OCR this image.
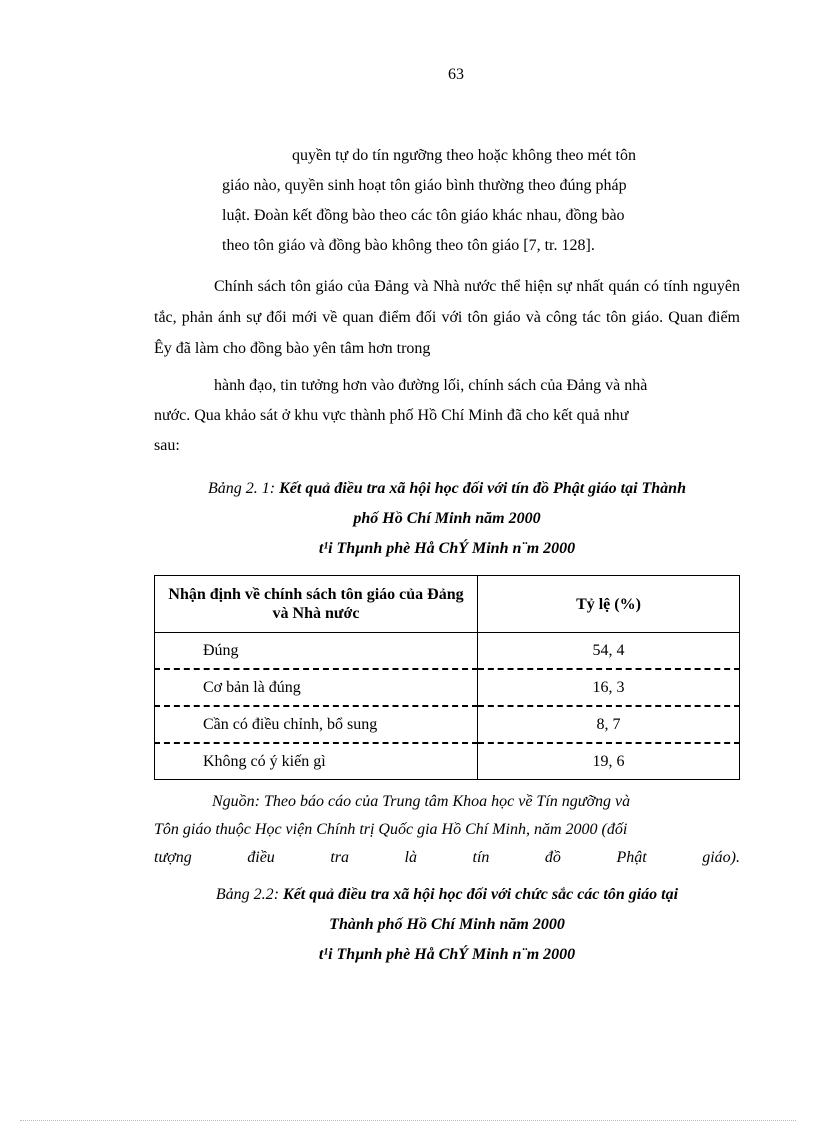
63
quyền tự do tín ngưỡng theo hoặc không theo mét tôn
giáo nào, quyền sinh hoạt tôn giáo bình thường theo đúng pháp
luật. Đoàn kết đồng bào theo các tôn giáo khác nhau, đồng bào
theo tôn giáo và đồng bào không theo tôn giáo [7, tr. 128].

Chính sách tôn giáo của Đảng và Nhà nước thể hiện sự nhất quán có tính nguyên tắc, phản ánh sự đổi mới về quan điểm đối với tôn giáo và công tác tôn giáo. Quan điểm Êy đã làm cho đồng bào yên tâm hơn trong

hành đạo, tin tưởng hơn vào đường lối, chính sách của Đảng và nhà
nước. Qua khảo sát ở khu vực thành phố Hồ Chí Minh đã cho kết quả như
sau:
Bảng 2. 1: Kết quả điều tra xã hội học đối với tín đồ Phật giáo tại Thành
phố Hồ Chí Minh năm 2000
t¹i Thµnh phè Hå ChÝ Minh n¨m 2000
Nhận định về chính sách tôn giáo của Đảng và Nhà nước	Tỷ lệ (%)
Đúng	54, 4
Cơ bản là đúng	16, 3
Cần có điều chỉnh, bổ sung	8, 7
Không có ý kiến gì	19, 6
Nguồn: Theo báo cáo của Trung tâm Khoa học về Tín ngưỡng và
Tôn giáo thuộc Học viện Chính trị Quốc gia Hồ Chí Minh, năm 2000 (đối
tượng điều tra là tín đồ Phật giáo).
Bảng 2.2: Kết quả điều tra xã hội học đối với chức sắc các tôn giáo tại
Thành phố Hồ Chí Minh năm 2000
t¹i Thµnh phè Hå ChÝ Minh n¨m 2000
